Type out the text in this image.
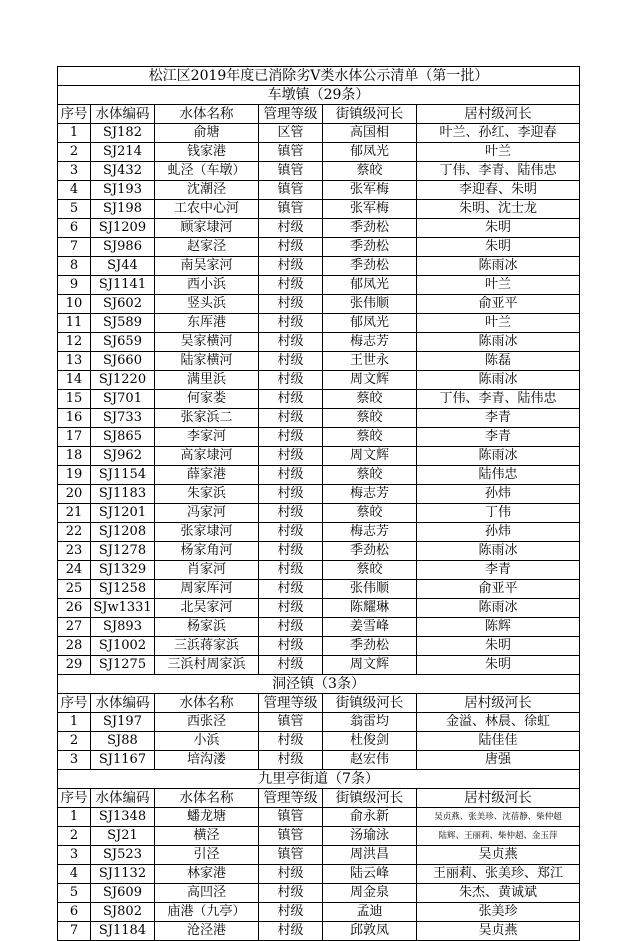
松江区2019年度已消除劣V类水体公示清单（第一批）					
车墩镇（29条）					
序号	水体编码	水体名称	管理等级	街镇级河长	居村级河长
1	SJ182	俞塘	区管	高国相	叶兰、孙红、李迎春
2	SJ214	钱家港	镇管	郁凤光	叶兰
3	SJ432	虬泾（车墩）	镇管	蔡皎	丁伟、李青、陆伟忠
4	SJ193	沈潮泾	镇管	张军梅	李迎春、朱明
5	SJ198	工农中心河	镇管	张军梅	朱明、沈士龙
6	SJ1209	顾家埭河	村级	季劲松	朱明
7	SJ986	赵家泾	村级	季劲松	朱明
8	SJ44	南吴家河	村级	季劲松	陈雨冰
9	SJ1141	西小浜	村级	郁凤光	叶兰
10	SJ602	竖头浜	村级	张伟顺	俞亚平
11	SJ589	东厍港	村级	郁凤光	叶兰
12	SJ659	吴家横河	村级	梅志芳	陈雨冰
13	SJ660	陆家横河	村级	王世永	陈磊
14	SJ1220	满里浜	村级	周文辉	陈雨冰
15	SJ701	何家娄	村级	蔡皎	丁伟、李青、陆伟忠
16	SJ733	张家浜二	村级	蔡皎	李青
17	SJ865	李家河	村级	蔡皎	李青
18	SJ962	高家埭河	村级	周文辉	陈雨冰
19	SJ1154	薛家港	村级	蔡皎	陆伟忠
20	SJ1183	朱家浜	村级	梅志芳	孙炜
21	SJ1201	冯家河	村级	蔡皎	丁伟
22	SJ1208	张家埭河	村级	梅志芳	孙炜
23	SJ1278	杨家角河	村级	季劲松	陈雨冰
24	SJ1329	肖家河	村级	蔡皎	李青
25	SJ1258	周家厍河	村级	张伟顺	俞亚平
26	SJw1331	北吴家河	村级	陈耀琳	陈雨冰
27	SJ893	杨家浜	村级	姜雪峰	陈辉
28	SJ1002	三浜蒋家浜	村级	季劲松	朱明
29	SJ1275	三浜村周家浜	村级	周文辉	朱明
洞泾镇（3条）					
序号	水体编码	水体名称	管理等级	街镇级河长	居村级河长
1	SJ197	西张泾	镇管	翁雷均	金溢、林晨、徐虹
2	SJ88	小浜	村级	杜俊剑	陆佳佳
3	SJ1167	培沟溇	村级	赵宏伟	唐强
九里亭街道（7条）					
序号	水体编码	水体名称	管理等级	街镇级河长	居村级河长
1	SJ1348	蟠龙塘	镇管	俞永新	吴贞燕、张美珍、沈蓓静、柴仲超
2	SJ21	横泾	镇管	汤瑜泳	陆辉、王丽莉、柴仲超、金玉萍
3	SJ523	引泾	镇管	周洪昌	吴贞燕
4	SJ1132	林家港	村级	陆云峰	王丽莉、张美珍、郑江
5	SJ609	高凹泾	村级	周金泉	朱杰、黄诚斌
6	SJ802	庙港（九亭）	村级	孟迪	张美珍
7	SJ1184	沧泾港	村级	邱敦凤	吴贞燕
